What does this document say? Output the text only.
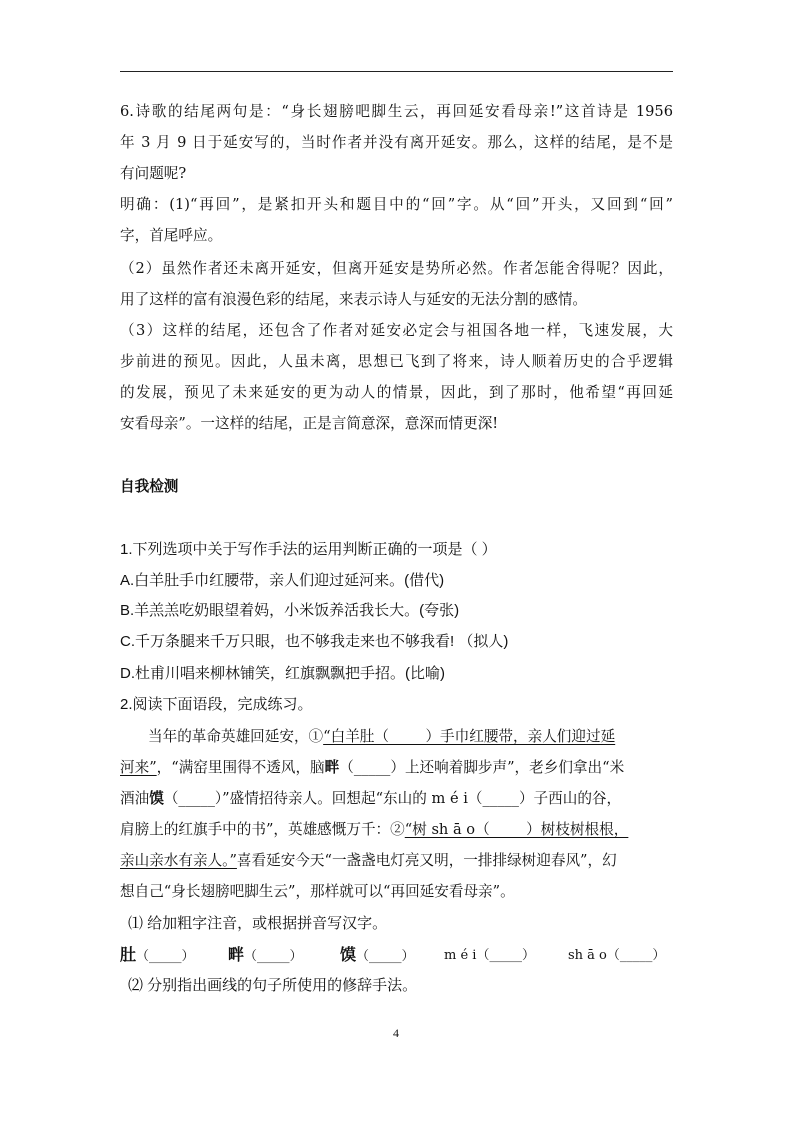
6.诗歌的结尾两句是：“身长翅膀吧脚生云，再回延安看母亲!”这首诗是 1956
年 3 月 9 日于延安写的，当时作者并没有离开延安。那么，这样的结尾，是不是
有问题呢?
明确：(1)“再回”，是紧扣开头和题目中的“回”字。从“回”开头，又回到“回”
字，首尾呼应。
（2）虽然作者还未离开延安，但离开延安是势所必然。作者怎能舍得呢？因此，
用了这样的富有浪漫色彩的结尾，来表示诗人与延安的无法分割的感情。
（3）这样的结尾，还包含了作者对延安必定会与祖国各地一样，飞速发展，大
步前进的预见。因此，人虽未离，思想已飞到了将来，诗人顺着历史的合乎逻辑
的发展，预见了未来延安的更为动人的情景，因此，到了那时，他希望“再回延
安看母亲”。一这样的结尾，正是言简意深，意深而情更深!
自我检测
1.下列选项中关于写作手法的运用判断正确的一项是（ ）
A.白羊肚手巾红腰带，亲人们迎过延河来。(借代)
B.羊羔羔吃奶眼望着妈，小米饭养活我长大。(夸张)
C.千万条腿来千万只眼，也不够我走来也不够我看! （拟人)
D.杜甫川唱来柳林铺笑，红旗飘飘把手招。(比喻)
2.阅读下面语段，完成练习。
当年的革命英雄回延安，①“白羊肚（_____）手巾红腰带，亲人们迎过延
河来”，“满窑里围得不透风，脑畔（_____）上还响着脚步声”，老乡们拿出“米
酒油馍（_____）”盛情招待亲人。回想起“东山的 m é i（_____）子西山的谷，
肩膀上的红旗手中的书”，英雄感慨万千：②“树 sh ā o（_____）树枝树根根，
亲山亲水有亲人。”喜看延安今天“一盏盏电灯亮又明，一排排绿树迎春风”，幻
想自己“身长翅膀吧脚生云”，那样就可以“再回延安看母亲”。
⑴ 给加粗字注音，或根据拼音写汉字。
肚（_____） 畔（_____） 馍（_____） m é i（_____）	sh ā o（_____）
⑵ 分别指出画线的句子所使用的修辞手法。
4
